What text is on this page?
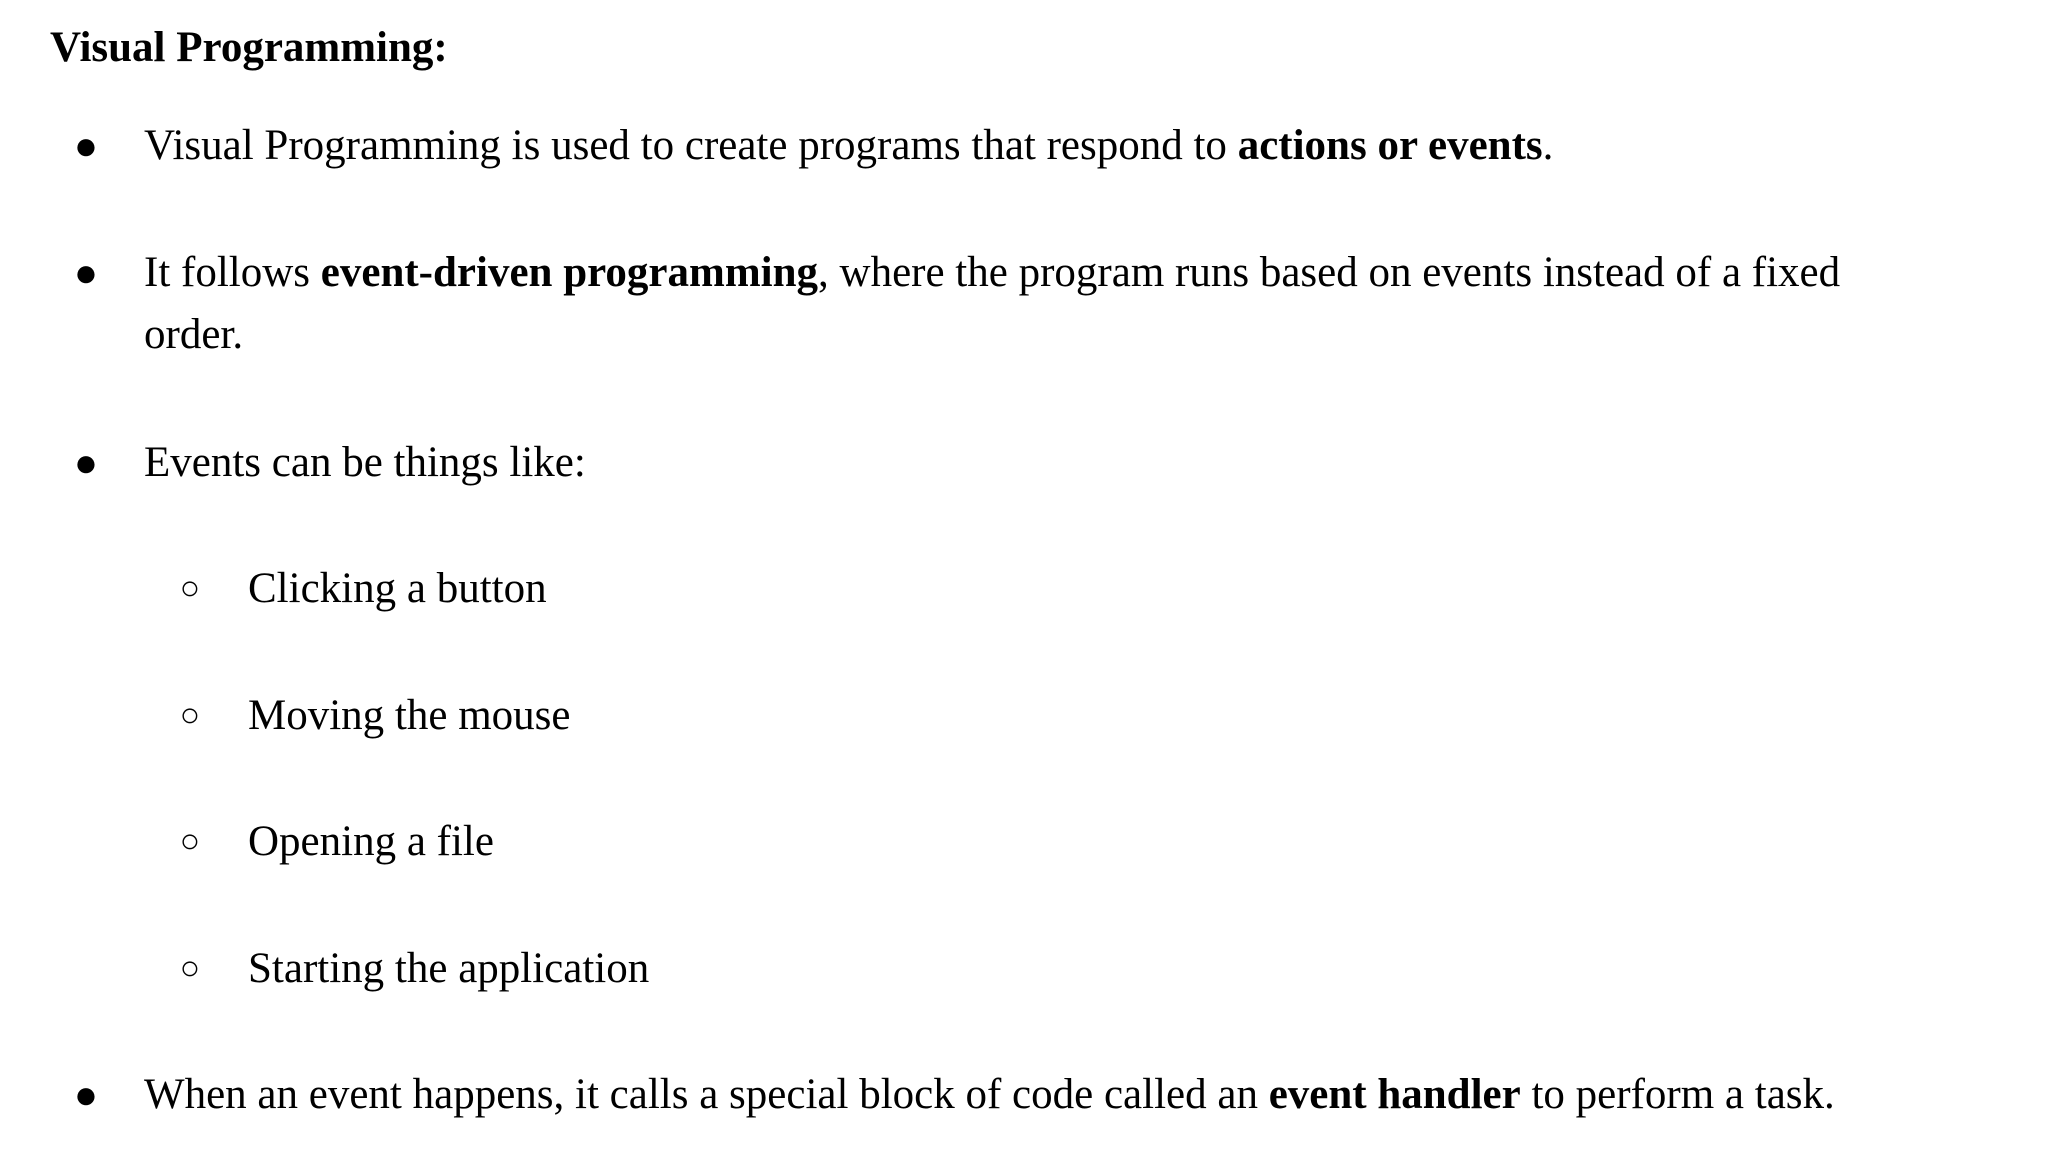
Visual Programming:
● Visual Programming is used to create programs that respond to actions or events.
● It follows event-driven programming, where the program runs based on events instead of a fixed
order.
● Events can be things like:
○ Clicking a button
○ Moving the mouse
○ Opening a file
○ Starting the application
● When an event happens, it calls a special block of code called an event handler to perform a task.
